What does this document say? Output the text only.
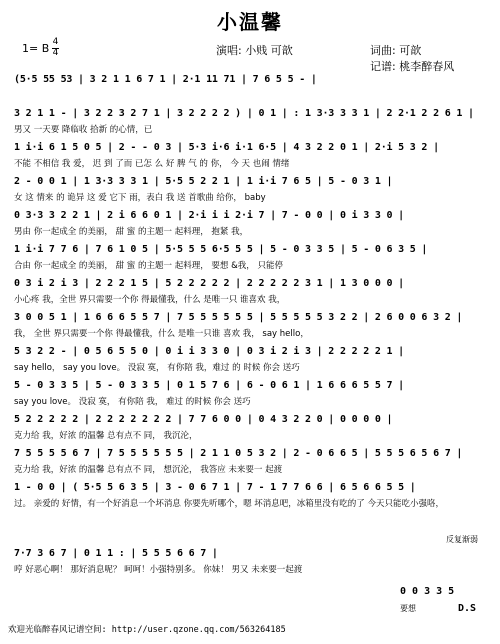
小温馨
1= B 4
4	演唱: 小贱 可歆	词曲: 可歆
记谱: 桃李醉春风
(5·5 55 53 | 3 2 1 1 6 7 1 | 2·1 11 71 | 7 6 5 5 - |
3 2 1 1 - | 3 2 2 3 2 7 1 | 3 2 2 2 2 ) | 0 1 | : 1 3·3 3 3 1 | 2 2·1 2 2 6 1 |
男又 一天要 降临收 拾新 的心情，已
1 i·i 6 1 5 0 5 | 2 - - 0 3 | 5·3 i·6 i·1 6·5 | 4 3 2 2 0 1 | 2·i 5 3 2 |
不能 不相信 我 爱， 迟 到 了而 已怎 么 好 脾 气 的 你， 今 天 也闹 情绪
2 - 0 0 1 | 1 3·3 3 3 1 | 5·5 5 2 2 1 | 1 i·i 7 6 5 | 5 - 0 3 1 |
女 这 情来 的 诡异 这 爱 它下 雨，表白 我 送 首歌曲 给你， baby
0 3·3 3 2 2 1 | 2 i 6 6 0 1 | 2·i i i 2·i 7 | 7 - 0 0 | 0 i 3 3 0 |
男由 你一起成全 的美丽， 甜 蜜 的主题一 起料理， 抱紧 我，
1 i·i 7 7 6 | 7 6 1 0 5 | 5·5 5 5 6·5 5 5 | 5 - 0 3 3 5 | 5 - 0 6 3 5 |
合由 你一起成全 的美丽， 甜 蜜 的主题一 起料理， 要想 &我， 只能停
0 3 i 2 i 3 | 2 2 2 1 5 | 5 2 2 2 2 2 | 2 2 2 2 2 3 1 | 1 3 0 0 0 |
小心疼 我，全世 界只需要一个你 得最懂我，什么 是唯一只 谁喜欢 我，
3 0 0 5 1 | 1 6 6 6 5 5 7 | 7 5 5 5 5 5 5 | 5 5 5 5 5 3 2 2 | 2 6 0 0 6 3 2 |
我， 全世 界只需要一个你 得最懂我，什么 是唯一只谁 喜欢 我， say hello，
5 3 2 2 - | 0 5 6 5 5 0 | 0 i i 3 3 0 | 0 3 i 2 i 3 | 2 2 2 2 2 1 |
say hello， say you love。 没寂 寞， 有你陪 我，难过 的 时候 你会 送巧
5 - 0 3 3 5 | 5 - 0 3 3 5 | 0 1 5 7 6 | 6 - 0 6 1 | 1 6 6 6 5 5 7 |
say you love。 没寂 寞， 有你陪 我， 难过 的时候 你会 送巧
5 2 2 2 2 2 | 2 2 2 2 2 2 2 | 7 7 6 0 0 | 0 4 3 2 2 0 | 0 0 0 0 |
克力给 我，好浓 的温馨 总有点不 同， 我沉沦，
7 5 5 5 5 6 7 | 7 5 5 5 5 5 5 | 2 1 1 0 5 3 2 | 2 - 0 6 6 5 | 5 5 5 6 5 6 7 |
克力给 我，好浓 的温馨 总有点不 同， 想沉沦， 我答应 未来要一 起渡
1 - 0 0 | ( 5·5 5 6 3 5 | 3 - 0 6 7 1 | 7 - 1 7 7 6 6 | 6 5 6 6 5 5 |
过。 亲爱的 好情，有一个好消息一个坏消息 你要先听哪个，嗯 坏消息吧，冰箱里没有吃的了 今天只能吃小强咯，
7·7 3 6 7 | 0 1 1 : | 5 5 5 6 6 7 |
哼 好恶心啊！ 那好消息呢？ 呵呵！小强特别多。 你妹！ 男又 未来要一起渡
反复渐弱
0 0 3 3 5
要想	D.S
欢迎光临醉春风记谱空间: http://user.qzone.qq.com/563264185
